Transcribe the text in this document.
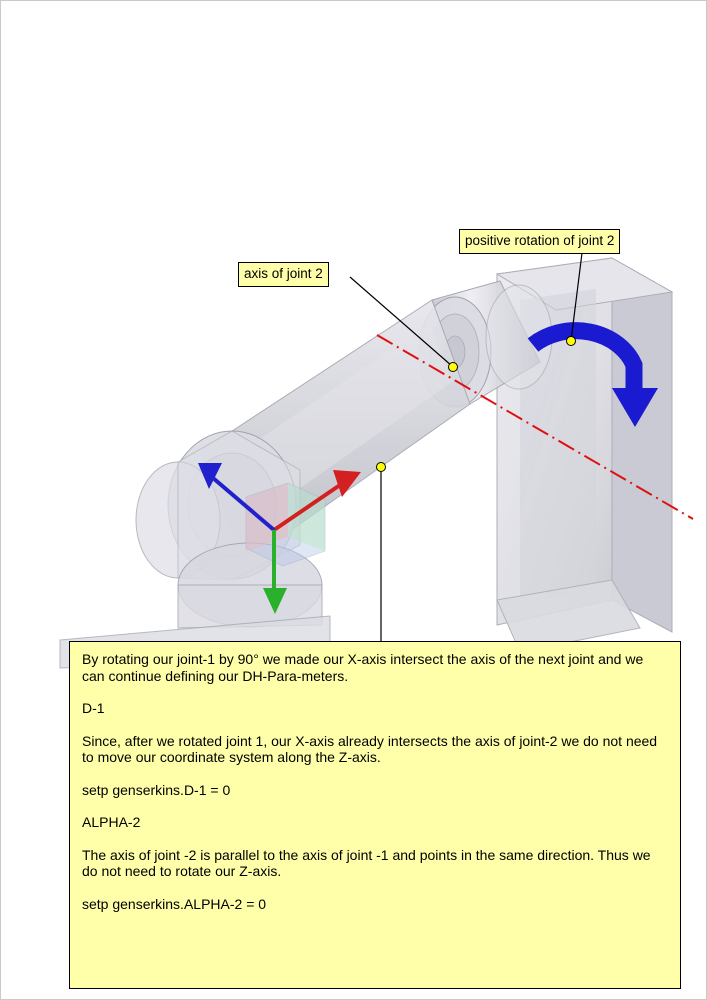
axis of joint 2
positive rotation of joint 2

By rotating our joint-1 by 90° we made our X-axis intersect the axis of the next joint and we can continue defining our DH-Para-meters.

D-1

Since, after we rotated joint 1, our X-axis already intersects the axis of joint-2 we do not need to move our coordinate system along the Z-axis.

setp genserkins.D-1 = 0

ALPHA-2

The axis of joint -2 is parallel to the axis of joint -1 and points in the same direction. Thus we do not need to rotate our Z-axis.

setp genserkins.ALPHA-2 = 0
